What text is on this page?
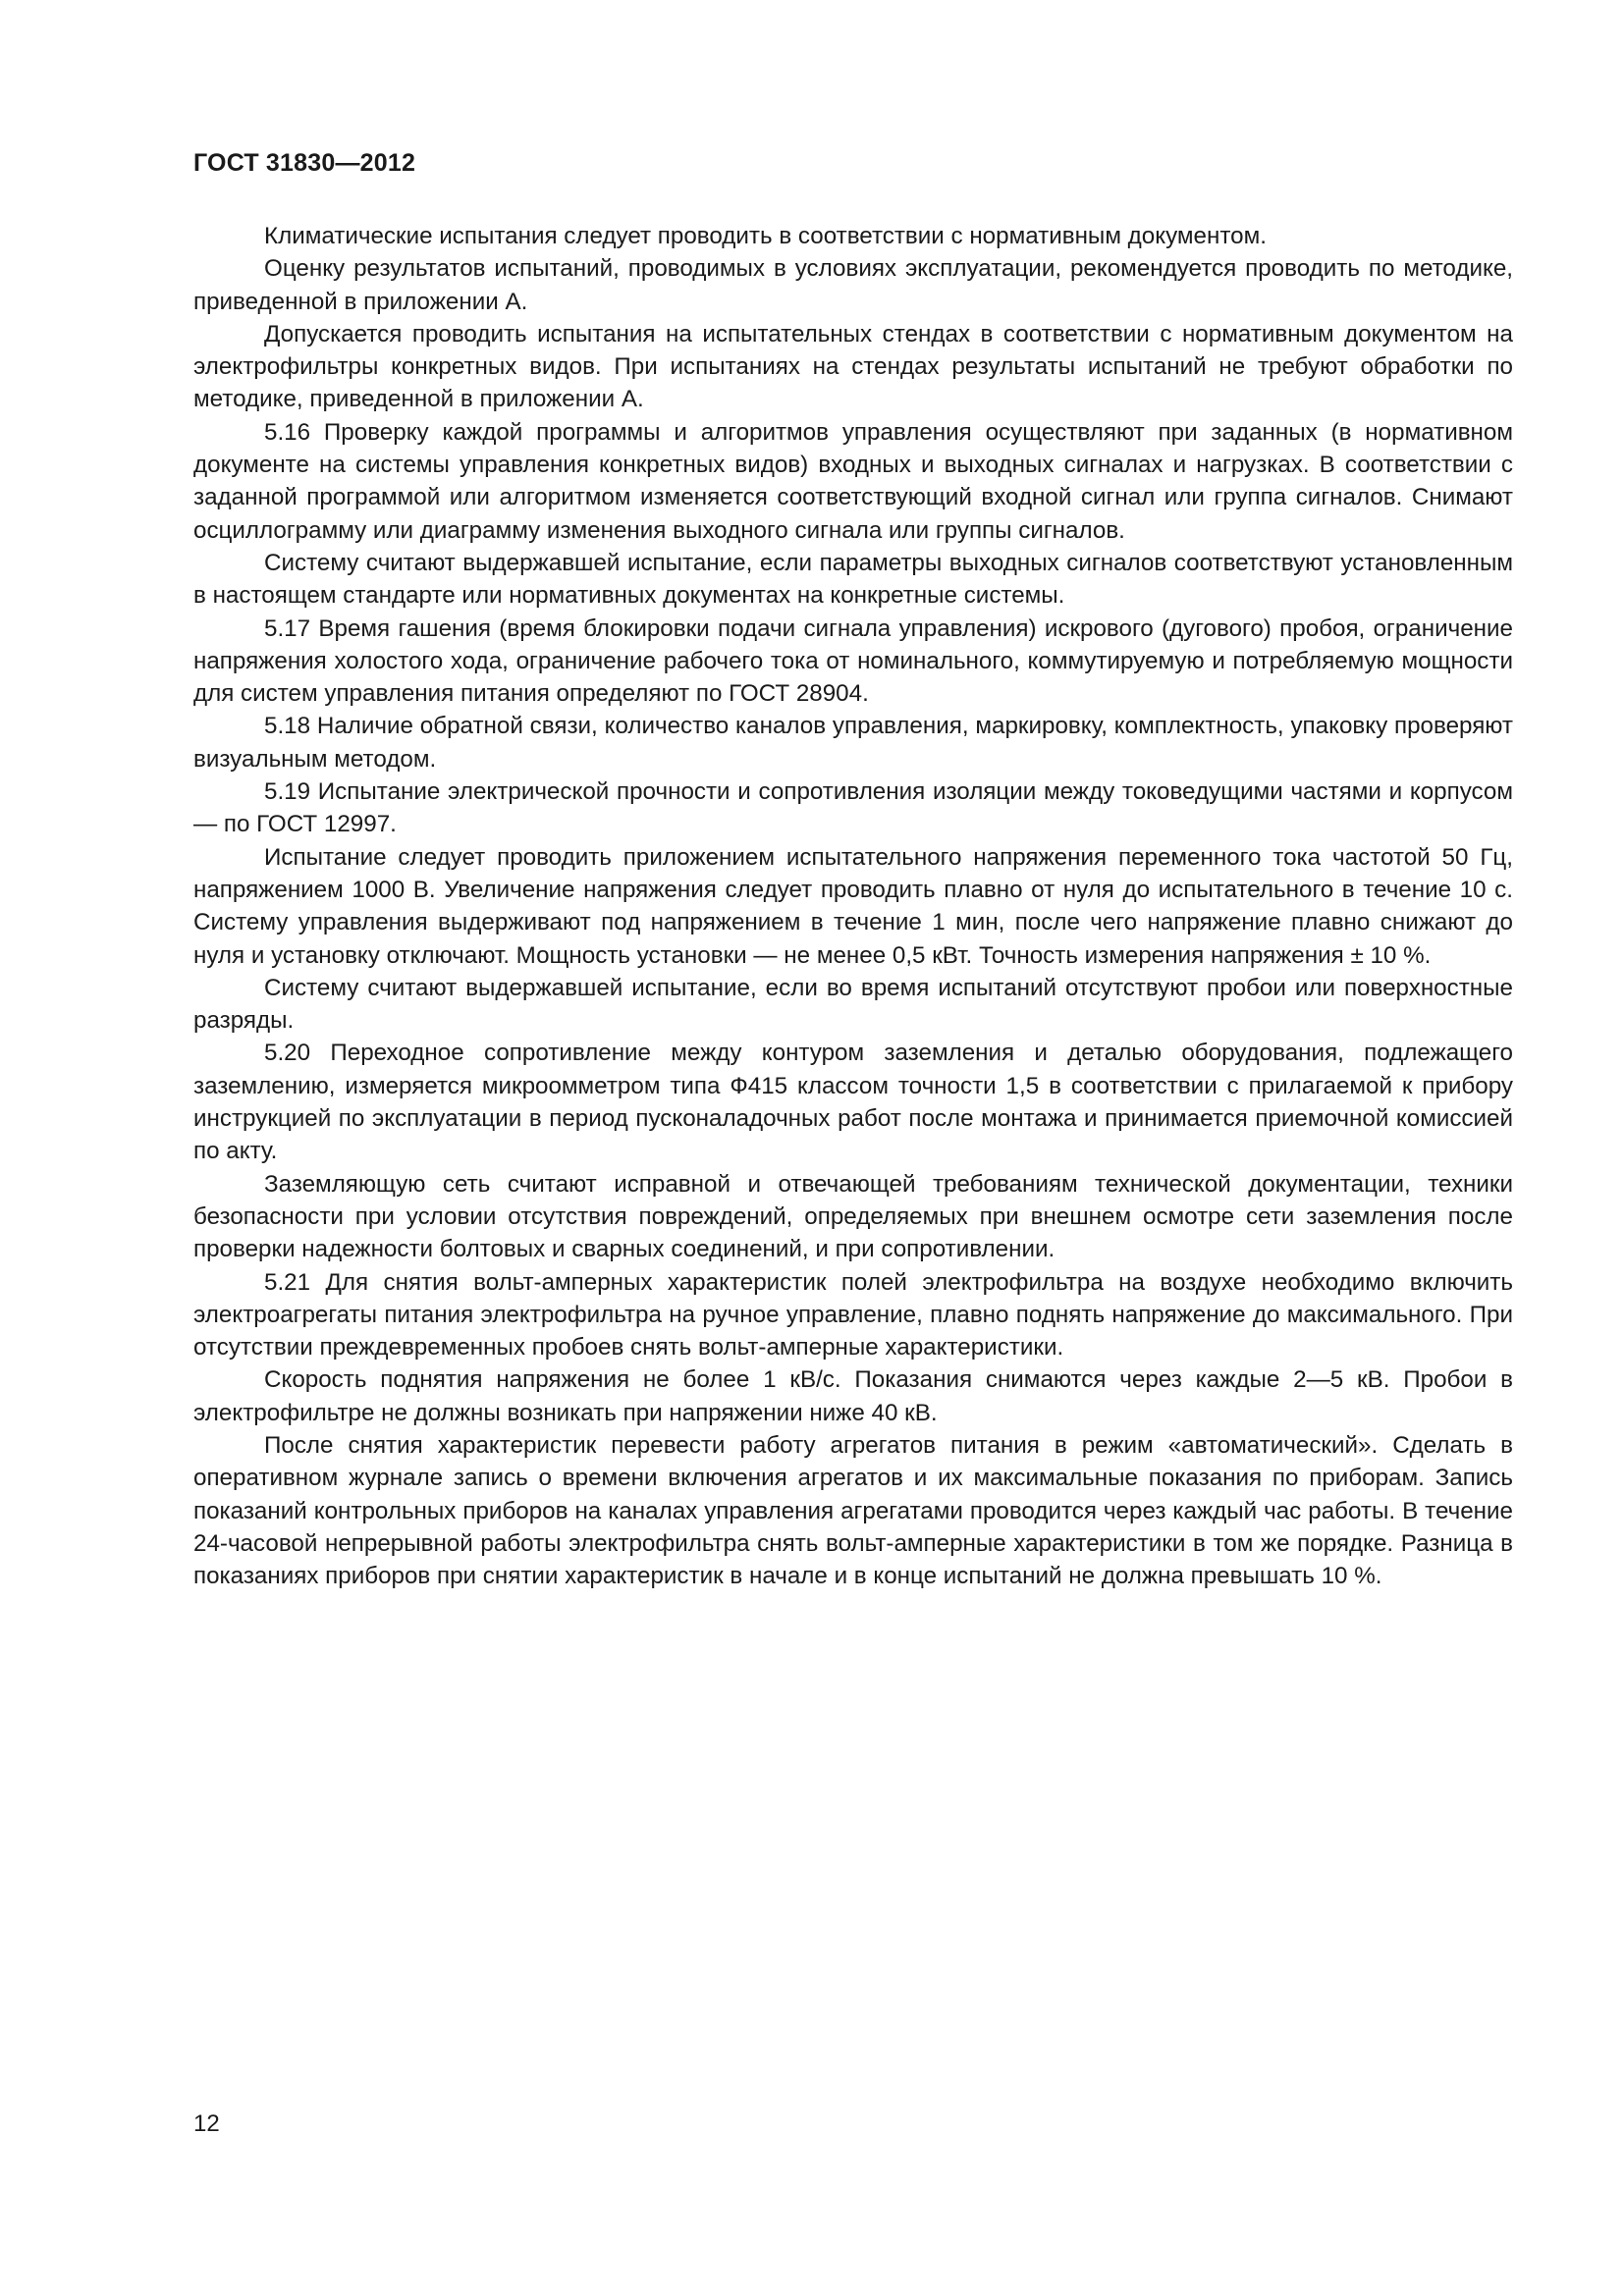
ГОСТ 31830—2012

Климатические испытания следует проводить в соответствии с нормативным документом.

Оценку результатов испытаний, проводимых в условиях эксплуатации, рекомендуется проводить по методике, приведенной в приложении А.

Допускается проводить испытания на испытательных стендах в соответствии с нормативным документом на электрофильтры конкретных видов. При испытаниях на стендах результаты испытаний не требуют обработки по методике, приведенной в приложении А.

5.16 Проверку каждой программы и алгоритмов управления осуществляют при заданных (в нормативном документе на системы управления конкретных видов) входных и выходных сигналах и нагрузках. В соответствии с заданной программой или алгоритмом изменяется соответствующий входной сигнал или группа сигналов. Снимают осциллограмму или диаграмму изменения выходного сигнала или группы сигналов.

Систему считают выдержавшей испытание, если параметры выходных сигналов соответствуют установленным в настоящем стандарте или нормативных документах на конкретные системы.

5.17 Время гашения (время блокировки подачи сигнала управления) искрового (дугового) пробоя, ограничение напряжения холостого хода, ограничение рабочего тока от номинального, коммутируемую и потребляемую мощности для систем управления питания определяют по ГОСТ 28904.

5.18 Наличие обратной связи, количество каналов управления, маркировку, комплектность, упаковку проверяют визуальным методом.

5.19 Испытание электрической прочности и сопротивления изоляции между токоведущими частями и корпусом — по ГОСТ 12997.

Испытание следует проводить приложением испытательного напряжения переменного тока частотой 50 Гц, напряжением 1000 В. Увеличение напряжения следует проводить плавно от нуля до испытательного в течение 10 с. Систему управления выдерживают под напряжением в течение 1 мин, после чего напряжение плавно снижают до нуля и установку отключают. Мощность установки — не менее 0,5 кВт. Точность измерения напряжения ± 10 %.

Систему считают выдержавшей испытание, если во время испытаний отсутствуют пробои или поверхностные разряды.

5.20 Переходное сопротивление между контуром заземления и деталью оборудования, подлежащего заземлению, измеряется микроомметром типа Ф415 классом точности 1,5 в соответствии с прилагаемой к прибору инструкцией по эксплуатации в период пусконаладочных работ после монтажа и принимается приемочной комиссией по акту.

Заземляющую сеть считают исправной и отвечающей требованиям технической документации, техники безопасности при условии отсутствия повреждений, определяемых при внешнем осмотре сети заземления после проверки надежности болтовых и сварных соединений, и при сопротивлении.

5.21 Для снятия вольт-амперных характеристик полей электрофильтра на воздухе необходимо включить электроагрегаты питания электрофильтра на ручное управление, плавно поднять напряжение до максимального. При отсутствии преждевременных пробоев снять вольт-амперные характеристики.

Скорость поднятия напряжения не более 1 кВ/с. Показания снимаются через каждые 2—5 кВ. Пробои в электрофильтре не должны возникать при напряжении ниже 40 кВ.

После снятия характеристик перевести работу агрегатов питания в режим «автоматический». Сделать в оперативном журнале запись о времени включения агрегатов и их максимальные показания по приборам. Запись показаний контрольных приборов на каналах управления агрегатами проводится через каждый час работы. В течение 24-часовой непрерывной работы электрофильтра снять вольт-амперные характеристики в том же порядке. Разница в показаниях приборов при снятии характеристик в начале и в конце испытаний не должна превышать 10 %.

12
